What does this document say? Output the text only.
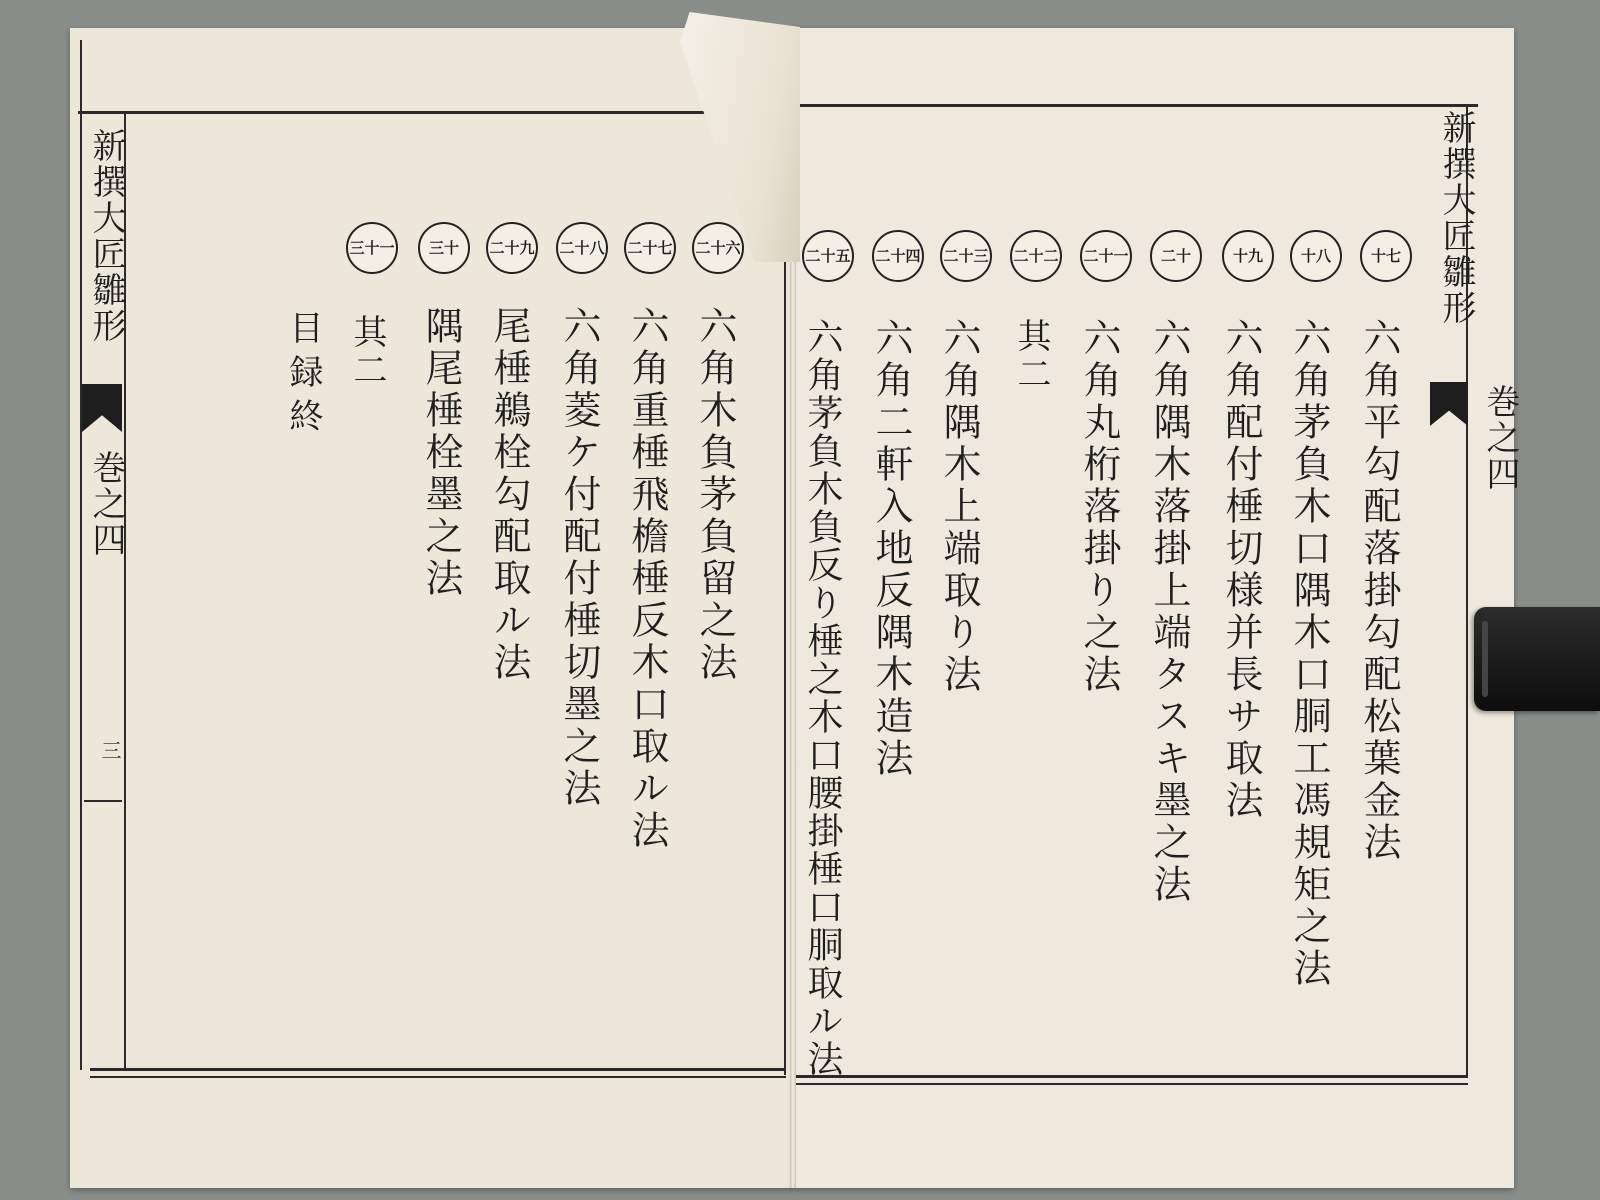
新撰大匠雛形
巻之四
三
新撰大匠雛形
巻之四
十七
六角平勾配落掛勾配松葉金法
十八
六角茅負木口隅木口胴工馮規矩之法
十九
六角配付棰切様并長サ取法
二十
六角隅木落掛上端タスキ墨之法
二十一
六角丸桁落掛り之法
二十二
其二
二十三
六角隅木上端取り法
二十四
六角二軒入地反隅木造法
二十五
六角茅負木負反り棰之木口腰掛棰口胴取ル法
二十六
六角木負茅負留之法
二十七
六角重棰飛檐棰反木口取ル法
二十八
六角菱ケ付配付棰切墨之法
二十九
尾棰鵜栓勾配取ル法
三十
隅尾棰栓墨之法
三十一
其二
目録終
